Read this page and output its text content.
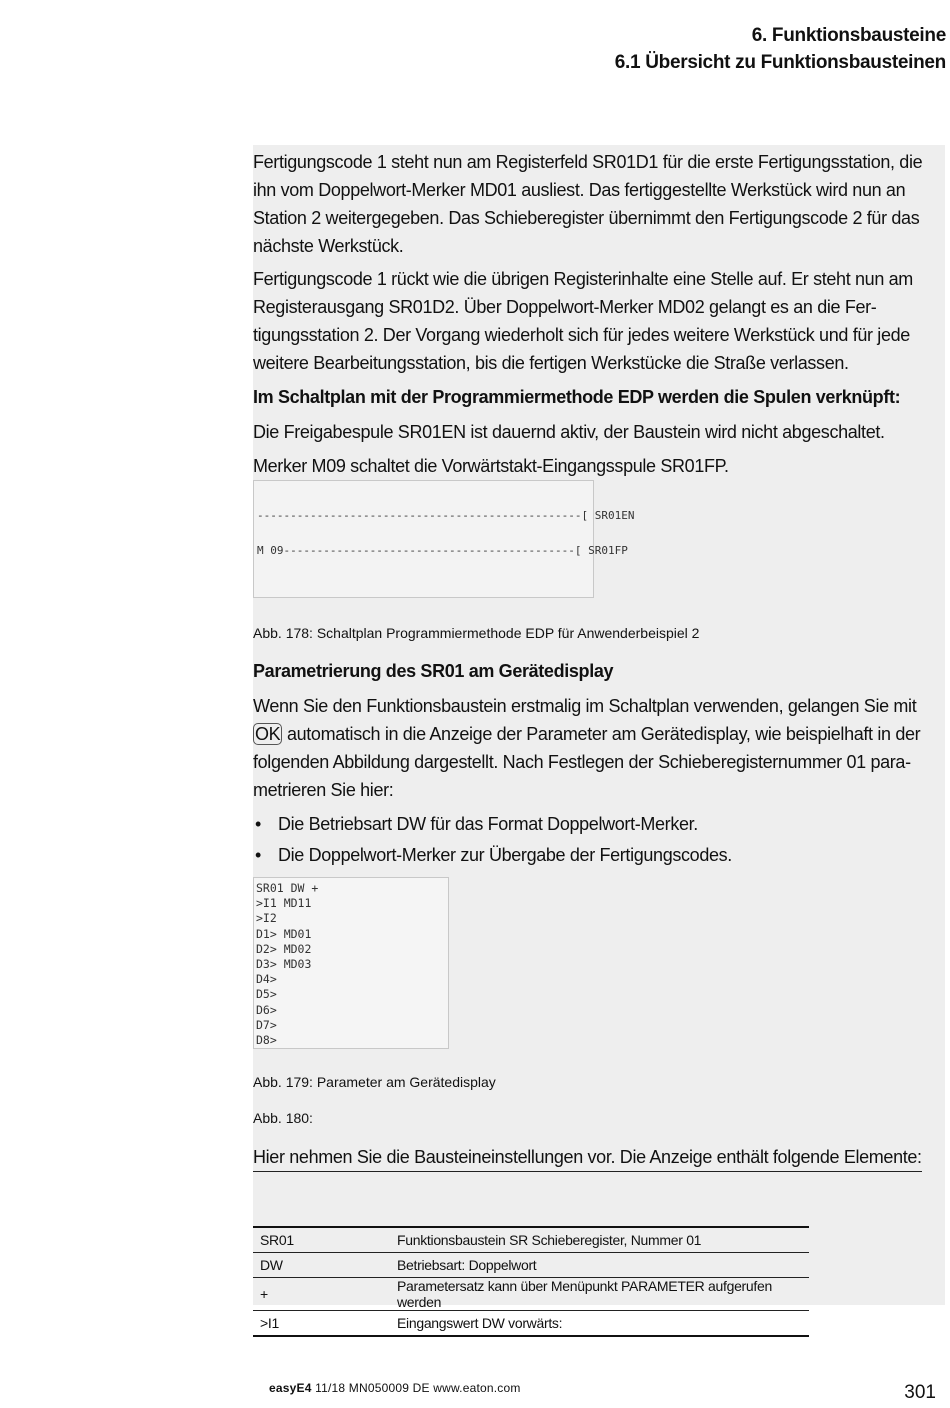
6. Funktionsbausteine
6.1 Übersicht zu Funktionsbausteinen
Fertigungscode 1 steht nun am Registerfeld SR01D1 für die erste Fertigungsstation, die ihn vom Doppelwort-Merker MD01 ausliest. Das fertiggestellte Werkstück wird nun an Station 2 weitergegeben. Das Schieberegister übernimmt den Fertigungscode 2 für das nächste Werkstück.
Fertigungscode 1 rückt wie die übrigen Registerinhalte eine Stelle auf. Er steht nun am Registerausgang SR01D2. Über Doppelwort-Merker MD02 gelangt es an die Fertigungsstation 2. Der Vorgang wiederholt sich für jedes weitere Werkstück und für jede weitere Bearbeitungsstation, bis die fertigen Werkstücke die Straße verlassen.
Im Schaltplan mit der Programmiermethode EDP werden die Spulen verknüpft:
Die Freigabespule SR01EN ist dauernd aktiv, der Baustein wird nicht abgeschaltet.
Merker M09 schaltet die Vorwärtstakt-Eingangsspule SR01FP.
-------------------------------------------------[ SR01EN
M 09--------------------------------------------[ SR01FP
Abb. 178: Schaltplan Programmiermethode EDP für Anwenderbeispiel 2
Parametrierung des SR01 am Gerätedisplay
Wenn Sie den Funktionsbaustein erstmalig im Schaltplan verwenden, gelangen Sie mit
OK automatisch in die Anzeige der Parameter am Gerätedisplay, wie beispielhaft in der folgenden Abbildung dargestellt. Nach Festlegen der Schieberegisternummer 01 parametrieren Sie hier:
• Die Betriebsart DW für das Format Doppelwort-Merker.
• Die Doppelwort-Merker zur Übergabe der Fertigungscodes.
SR01 DW +
>I1 MD11
>I2
D1> MD01
D2> MD02
D3> MD03
D4>
D5>
D6>
D7>
D8>
Abb. 179: Parameter am Gerätedisplay
Abb. 180:
Hier nehmen Sie die Bausteineinstellungen vor. Die Anzeige enthält folgende Elemente:

SR01	Funktionsbaustein SR Schieberegister, Nummer 01
DW	Betriebsart: Doppelwort
+	Parametersatz kann über Menüpunkt PARAMETER aufgerufen werden
>I1	Eingangswert DW vorwärts:
easyE4 11/18 MN050009 DE www.eaton.com	301
